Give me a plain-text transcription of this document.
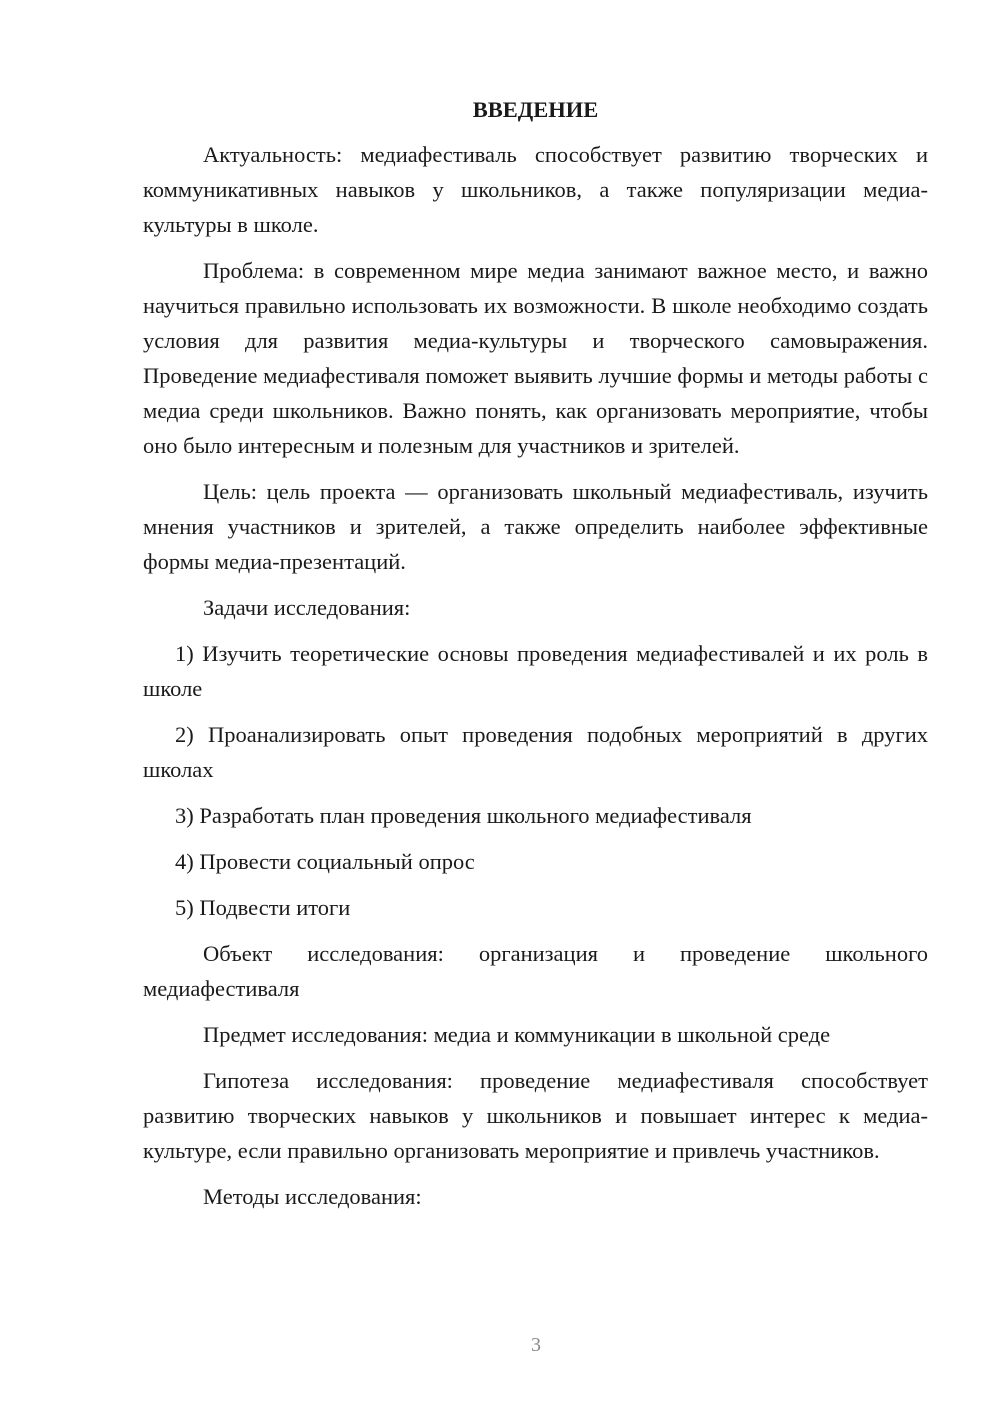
ВВЕДЕНИЕ

Актуальность: медиафестиваль способствует развитию творческих и коммуникативных навыков у школьников, а также популяризации медиа-культуры в школе.

Проблема: в современном мире медиа занимают важное место, и важно научиться правильно использовать их возможности. В школе необходимо создать условия для развития медиа-культуры и творческого самовыражения. Проведение медиафестиваля поможет выявить лучшие формы и методы работы с медиа среди школьников. Важно понять, как организовать мероприятие, чтобы оно было интересным и полезным для участников и зрителей.

Цель: цель проекта — организовать школьный медиафестиваль, изучить мнения участников и зрителей, а также определить наиболее эффективные формы медиа-презентаций.

Задачи исследования:

1) Изучить теоретические основы проведения медиафестивалей и их роль в школе

2) Проанализировать опыт проведения подобных мероприятий в других школах

3) Разработать план проведения школьного медиафестиваля

4) Провести социальный опрос

5) Подвести итоги

Объект исследования: организация и проведение школьного медиафестиваля

Предмет исследования: медиа и коммуникации в школьной среде

Гипотеза исследования: проведение медиафестиваля способствует развитию творческих навыков у школьников и повышает интерес к медиа-культуре, если правильно организовать мероприятие и привлечь участников.

Методы исследования:

3
